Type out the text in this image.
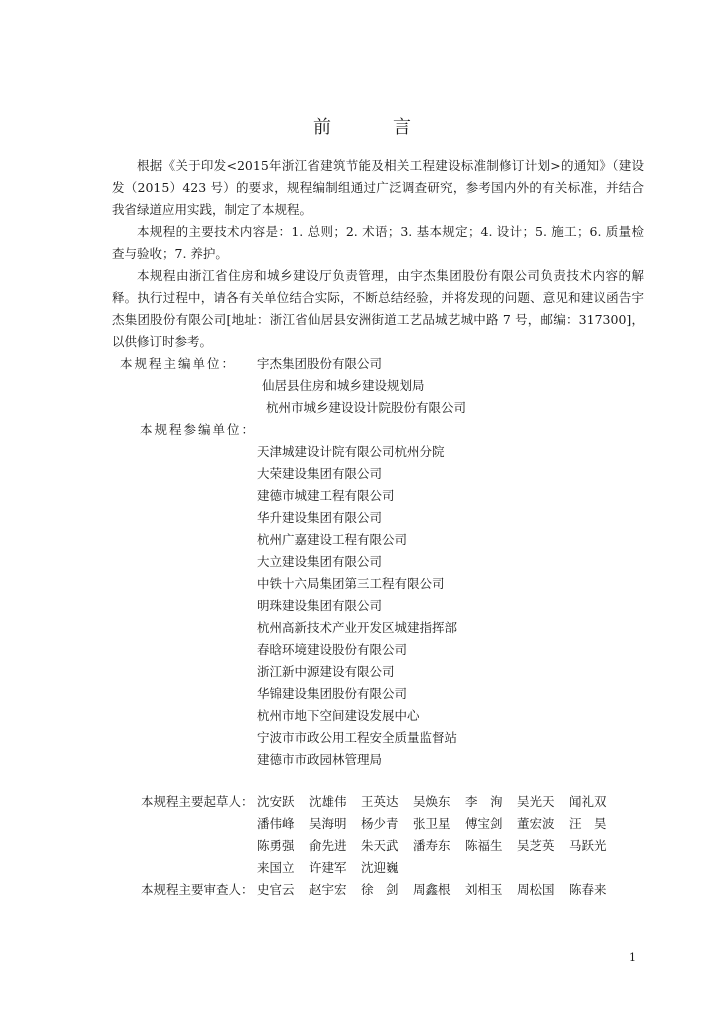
前　言

根据《关于印发<2015年浙江省建筑节能及相关工程建设标准制修订计划>的通知》（建设发（2015）423 号）的要求，规程编制组通过广泛调查研究，参考国内外的有关标准，并结合我省绿道应用实践，制定了本规程。

本规程的主要技术内容是：1. 总则；2. 术语；3. 基本规定；4. 设计；5. 施工；6. 质量检查与验收；7. 养护。

本规程由浙江省住房和城乡建设厅负责管理，由宇杰集团股份有限公司负责技术内容的解释。执行过程中，请各有关单位结合实际，不断总结经验，并将发现的问题、意见和建议函告宇杰集团股份有限公司[地址：浙江省仙居县安洲街道工艺品城艺城中路 7 号，邮编：317300]，以供修订时参考。

本规程主编单位： 宇杰集团股份有限公司
仙居县住房和城乡建设规划局
杭州市城乡建设设计院股份有限公司
本规程参编单位：
天津城建设计院有限公司杭州分院
大荣建设集团有限公司
建德市城建工程有限公司
华升建设集团有限公司
杭州广嘉建设工程有限公司
大立建设集团有限公司
中铁十六局集团第三工程有限公司
明珠建设集团有限公司
杭州高新技术产业开发区城建指挥部
春晗环境建设股份有限公司
浙江新中源建设有限公司
华锦建设集团股份有限公司
杭州市地下空间建设发展中心
宁波市市政公用工程安全质量监督站
建德市市政园林管理局
本规程主要起草人： 沈安跃	沈雄伟	王英达	吴焕东	李　洵	吴光天	闻礼双
潘伟峰	吴海明	杨少青	张卫星	傅宝剑	董宏波	汪　昊
陈勇强	俞先进	朱天武	潘寿东	陈福生	吴芝英	马跃光
来国立	许建军	沈迎巍
本规程主要审查人： 史官云	赵宇宏	徐　剑	周鑫根	刘相玉	周松国	陈春来
1
